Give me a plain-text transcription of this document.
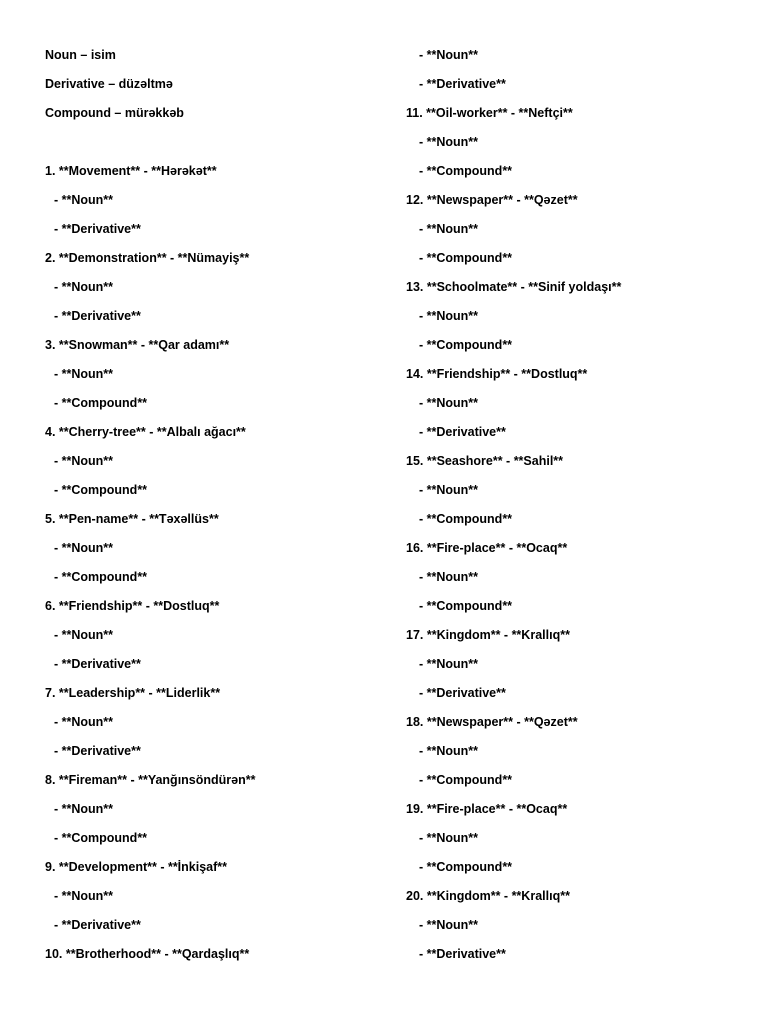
Noun – isim
Derivative – düzəltmə
Compound – mürəkkəb
1. **Movement** - **Hərəkət**
- **Noun**
- **Derivative**
2. **Demonstration** - **Nümayiş**
- **Noun**
- **Derivative**
3. **Snowman** - **Qar adamı**
- **Noun**
- **Compound**
4. **Cherry-tree** - **Albalı ağacı**
- **Noun**
- **Compound**
5. **Pen-name** - **Təxəllüs**
- **Noun**
- **Compound**
6. **Friendship** - **Dostluq**
- **Noun**
- **Derivative**
7. **Leadership** - **Liderlik**
- **Noun**
- **Derivative**
8. **Fireman** - **Yanğınsöndürən**
- **Noun**
- **Compound**
9. **Development** - **İnkişaf**
- **Noun**
- **Derivative**
10. **Brotherhood** - **Qardaşlıq**
- **Noun**
- **Derivative**
11. **Oil-worker** - **Neftçi**
- **Noun**
- **Compound**
12. **Newspaper** - **Qəzet**
- **Noun**
- **Compound**
13. **Schoolmate** - **Sinif yoldaşı**
- **Noun**
- **Compound**
14. **Friendship** - **Dostluq**
- **Noun**
- **Derivative**
15. **Seashore** - **Sahil**
- **Noun**
- **Compound**
16. **Fire-place** - **Ocaq**
- **Noun**
- **Compound**
17. **Kingdom** - **Krallıq**
- **Noun**
- **Derivative**
18. **Newspaper** - **Qəzet**
- **Noun**
- **Compound**
19. **Fire-place** - **Ocaq**
- **Noun**
- **Compound**
20. **Kingdom** - **Krallıq**
- **Noun**
- **Derivative**
